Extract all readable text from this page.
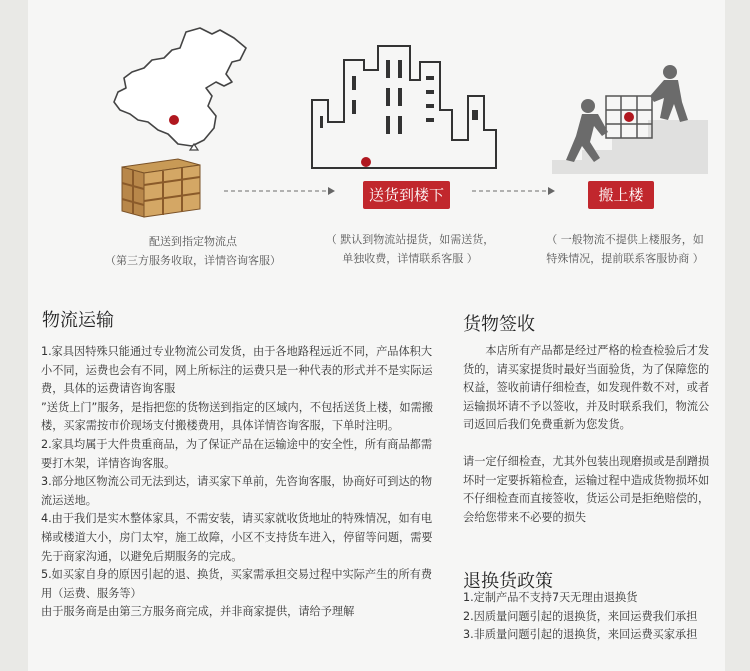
配送到指定物流点
（第三方服务收取，详情咨询客服）
送货到楼下
（ 默认到物流站提货，如需送货，
单独收费，详情联系客服 ）
搬上楼
（ 一般物流不提供上楼服务，如
特殊情况，提前联系客服协商 ）
物流运输

1.家具因特殊只能通过专业物流公司发货，由于各地路程远近不同，产品体积大小不同，运费也会有不同，网上所标注的运费只是一种代表的形式并不是实际运费，具体的运费请咨询客服

”送货上门”服务，是指把您的货物送到指定的区域内，不包括送货上楼，如需搬楼，买家需按市价现场支付搬楼费用，具体详情咨询客服，下单时注明。

2.家具均属于大件贵重商品，为了保证产品在运输途中的安全性，所有商品都需要打木架，详情咨询客服。

3.部分地区物流公司无法到达，请买家下单前，先咨询客服，协商好可到达的物流运送地。

4.由于我们是实木整体家具，不需安装，请买家就收货地址的特殊情况，如有电梯或楼道大小，房门太窄，施工故障，小区不支持货车进入，停留等问题，需要先于商家沟通，以避免后期服务的完成。

5.如买家自身的原因引起的退、换货，买家需承担交易过程中实际产生的所有费用（运费、服务等）

由于服务商是由第三方服务商完成，并非商家提供，请给予理解

货物签收

本店所有产品都是经过严格的检查检验后才发货的，请买家提货时最好当面验货，为了保障您的权益，签收前请仔细检查，如发现件数不对，或者运输损坏请不予以签收，并及时联系我们，物流公司返回后我们免费重新为您发货。

请一定仔细检查，尤其外包装出现磨损或是刮蹭损坏时一定要拆箱检查，运输过程中造成货物损坏如不仔细检查而直接签收，货运公司是拒绝赔偿的，会给您带来不必要的损失

退换货政策

1.定制产品不支持7天无理由退换货

2.因质量问题引起的退换货，来回运费我们承担

3.非质量问题引起的退换货，来回运费买家承担
